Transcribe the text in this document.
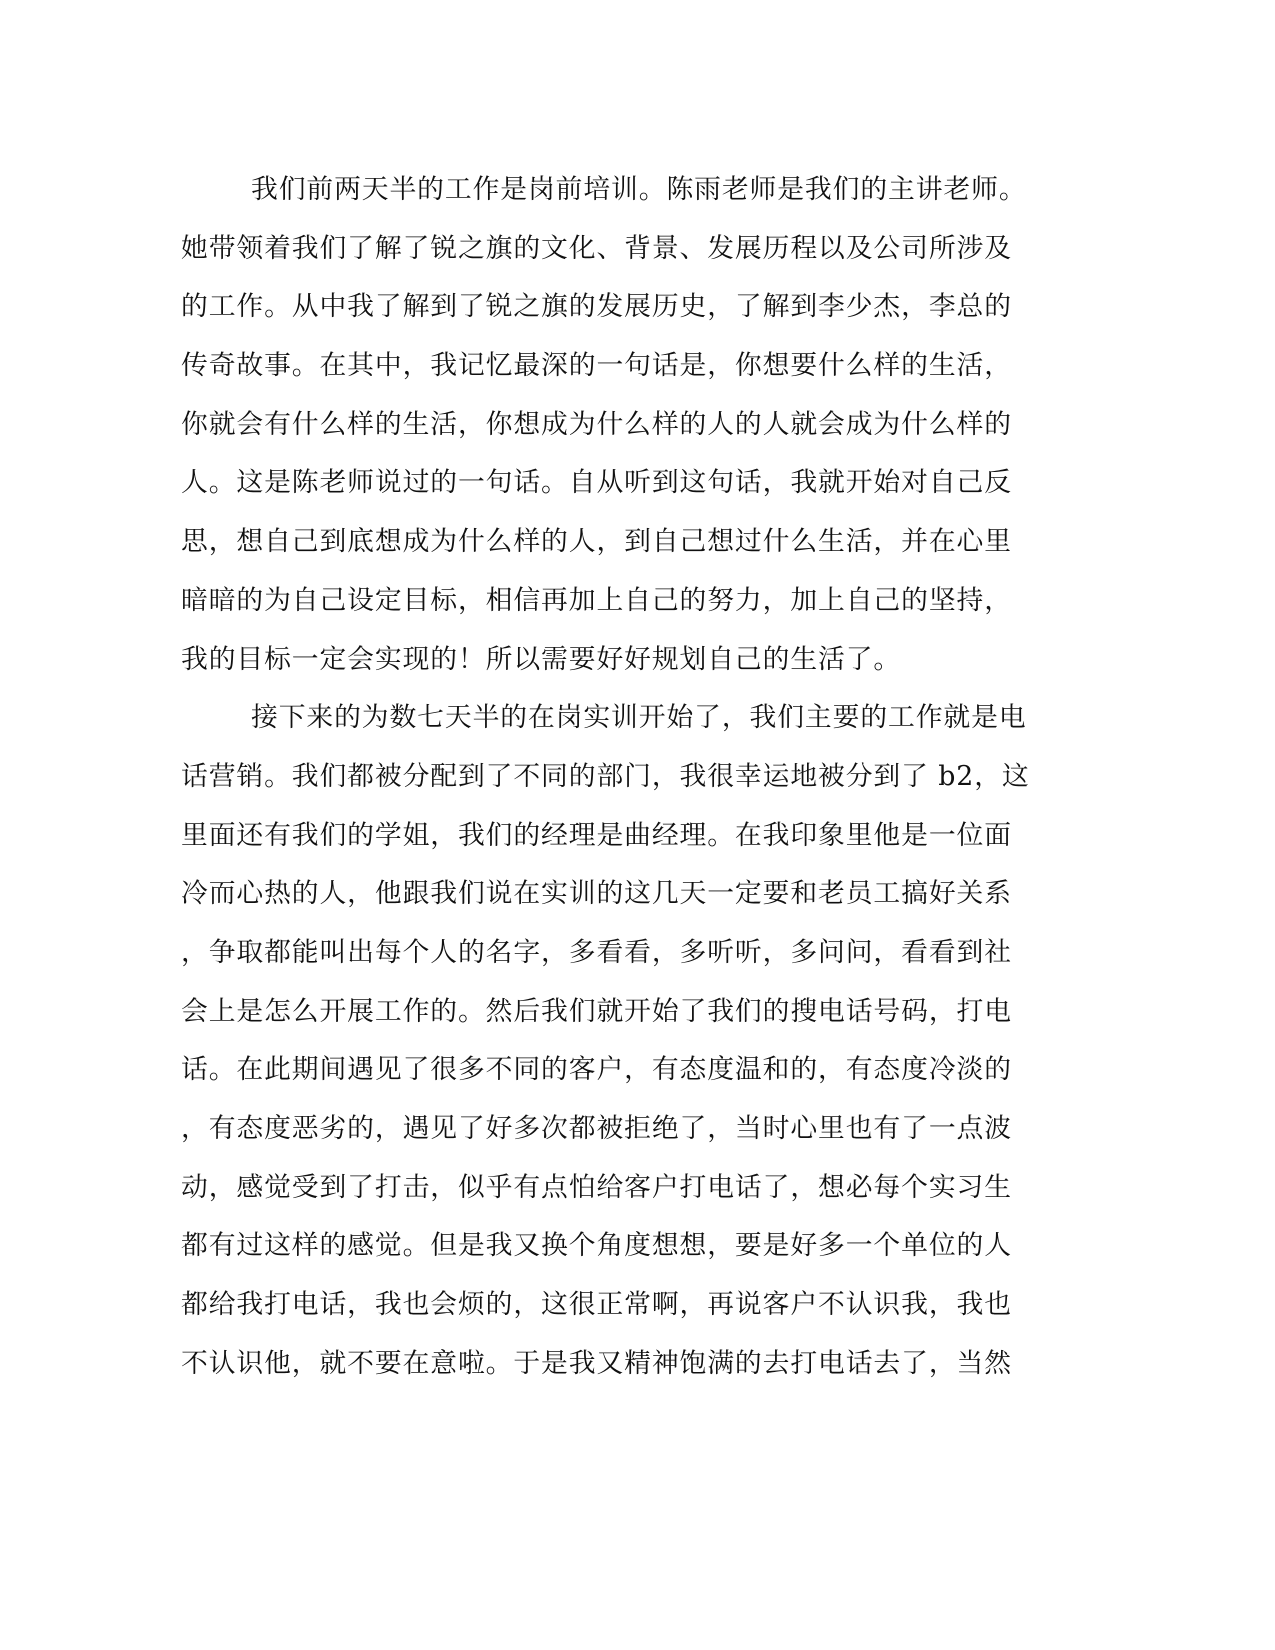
我们前两天半的工作是岗前培训。陈雨老师是我们的主讲老师。
她带领着我们了解了锐之旗的文化、背景、发展历程以及公司所涉及
的工作。从中我了解到了锐之旗的发展历史，了解到李少杰，李总的
传奇故事。在其中，我记忆最深的一句话是，你想要什么样的生活，
你就会有什么样的生活，你想成为什么样的人的人就会成为什么样的
人。这是陈老师说过的一句话。自从听到这句话，我就开始对自己反
思，想自己到底想成为什么样的人，到自己想过什么生活，并在心里
暗暗的为自己设定目标，相信再加上自己的努力，加上自己的坚持，
我的目标一定会实现的！所以需要好好规划自己的生活了。
接下来的为数七天半的在岗实训开始了，我们主要的工作就是电
话营销。我们都被分配到了不同的部门，我很幸运地被分到了 b2，这
里面还有我们的学姐，我们的经理是曲经理。在我印象里他是一位面
冷而心热的人，他跟我们说在实训的这几天一定要和老员工搞好关系
，争取都能叫出每个人的名字，多看看，多听听，多问问，看看到社
会上是怎么开展工作的。然后我们就开始了我们的搜电话号码，打电
话。在此期间遇见了很多不同的客户，有态度温和的，有态度冷淡的
，有态度恶劣的，遇见了好多次都被拒绝了，当时心里也有了一点波
动，感觉受到了打击，似乎有点怕给客户打电话了，想必每个实习生
都有过这样的感觉。但是我又换个角度想想，要是好多一个单位的人
都给我打电话，我也会烦的，这很正常啊，再说客户不认识我，我也
不认识他，就不要在意啦。于是我又精神饱满的去打电话去了，当然
